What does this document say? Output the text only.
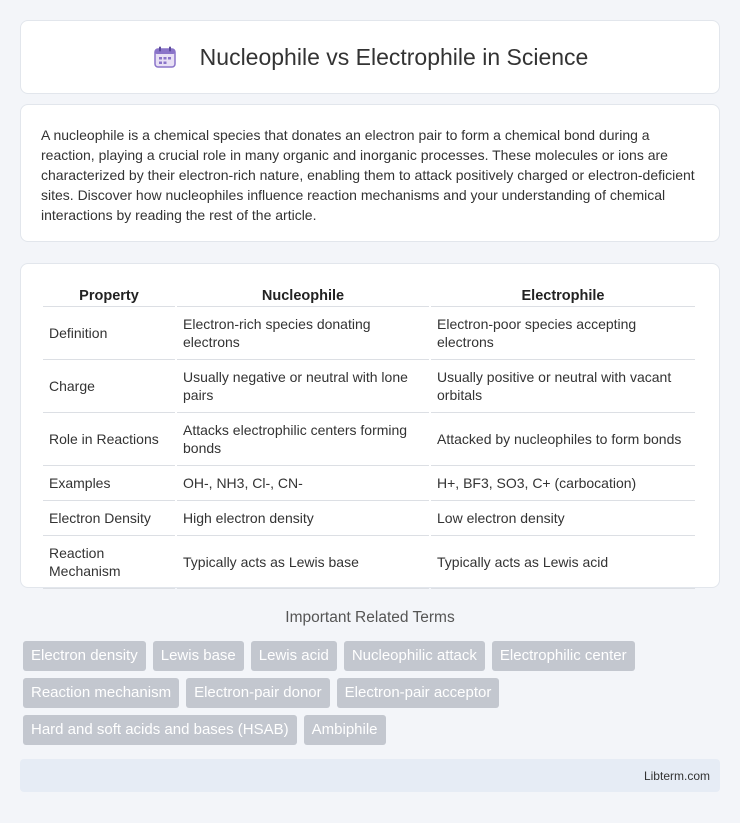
Nucleophile vs Electrophile in Science

A nucleophile is a chemical species that donates an electron pair to form a chemical bond during a reaction, playing a crucial role in many organic and inorganic processes. These molecules or ions are characterized by their electron-rich nature, enabling them to attack positively charged or electron-deficient sites. Discover how nucleophiles influence reaction mechanisms and your understanding of chemical interactions by reading the rest of the article.

Property	Nucleophile	Electrophile
Definition	Electron-rich species donating electrons	Electron-poor species accepting electrons
Charge	Usually negative or neutral with lone pairs	Usually positive or neutral with vacant orbitals
Role in Reactions	Attacks electrophilic centers forming bonds	Attacked by nucleophiles to form bonds
Examples	OH-, NH3, Cl-, CN-	H+, BF3, SO3, C+ (carbocation)
Electron Density	High electron density	Low electron density
Reaction Mechanism	Typically acts as Lewis base	Typically acts as Lewis acid
Important Related Terms
Electron density	Lewis base	Lewis acid	Nucleophilic attack	Electrophilic center
Reaction mechanism	Electron-pair donor	Electron-pair acceptor
Hard and soft acids and bases (HSAB)	Ambiphile
Libterm.com
